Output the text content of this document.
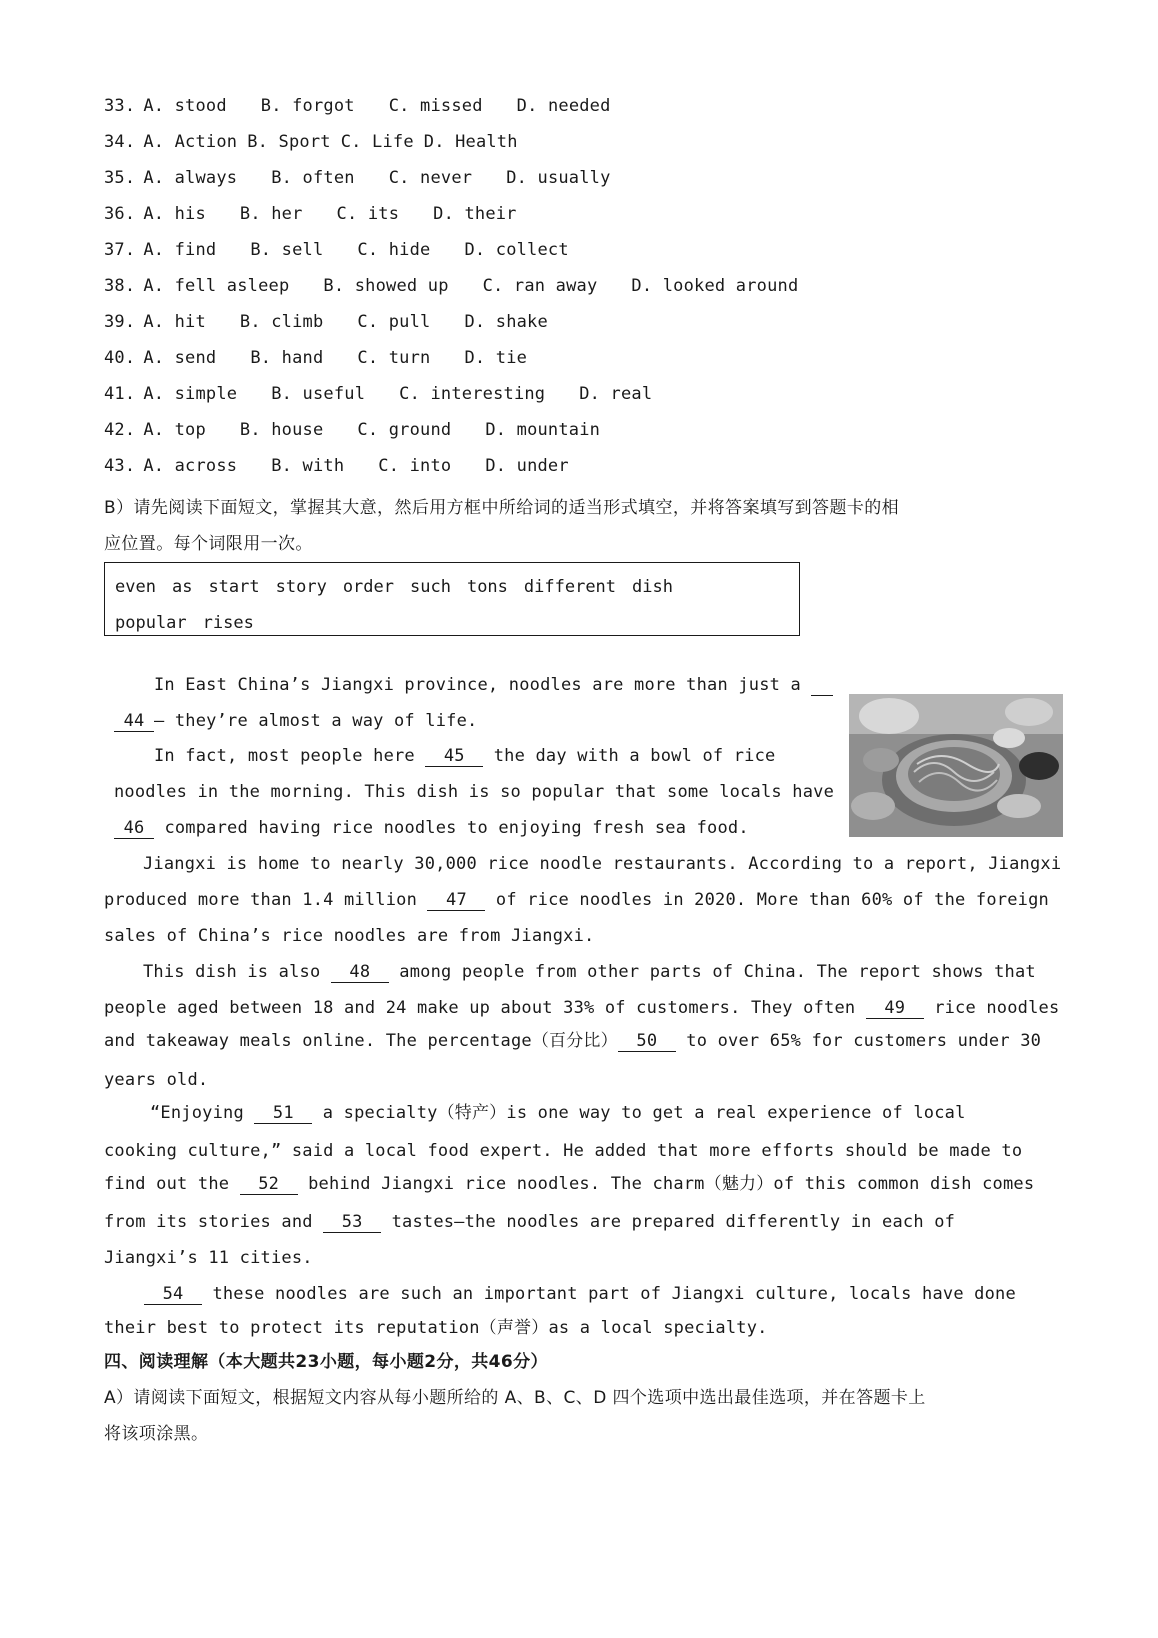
33. A. stood B. forgot C. missed D. needed
34. A. Action B. Sport C. Life D. Health
35. A. always B. often C. never D. usually
36. A. his B. her C. its D. their
37. A. find B. sell C. hide D. collect
38. A. fell asleep B. showed up C. ran away D. looked around
39. A. hit B. climb C. pull D. shake
40. A. send B. hand C. turn D. tie
41. A. simple B. useful C. interesting D. real
42. A. top B. house C. ground D. mountain
43. A. across B. with C. into D. under
B）请先阅读下面短文，掌握其大意，然后用方框中所给词的适当形式填空，并将答案填写到答题卡的相
应位置。每个词限用一次。
even as start story order such tons different dish
popular rises
In East China’s Jiangxi province, noodles are more than just a
44 — they’re almost a way of life.
In fact, most people here 45 the day with a bowl of rice
noodles in the morning. This dish is so popular that some locals have
46 compared having rice noodles to enjoying fresh sea food.
Jiangxi is home to nearly 30,000 rice noodle restaurants. According to a report, Jiangxi
produced more than 1.4 million 47 of rice noodles in 2020. More than 60% of the foreign
sales of China’s rice noodles are from Jiangxi.
This dish is also 48 among people from other parts of China. The report shows that
people aged between 18 and 24 make up about 33% of customers. They often 49 rice noodles
and takeaway meals online. The percentage（百分比） 50 to over 65% for customers under 30
years old.
“Enjoying 51 a specialty（特产）is one way to get a real experience of local
cooking culture,” said a local food expert. He added that more efforts should be made to
find out the 52 behind Jiangxi rice noodles. The charm（魅力）of this common dish comes
from its stories and 53 tastes—the noodles are prepared differently in each of
Jiangxi’s 11 cities.
54 these noodles are such an important part of Jiangxi culture, locals have done
their best to protect its reputation（声誉）as a local specialty.
四、阅读理解（本大题共23小题，每小题2分，共46分）
A）请阅读下面短文，根据短文内容从每小题所给的 A、B、C、D 四个选项中选出最佳选项，并在答题卡上
将该项涂黑。
